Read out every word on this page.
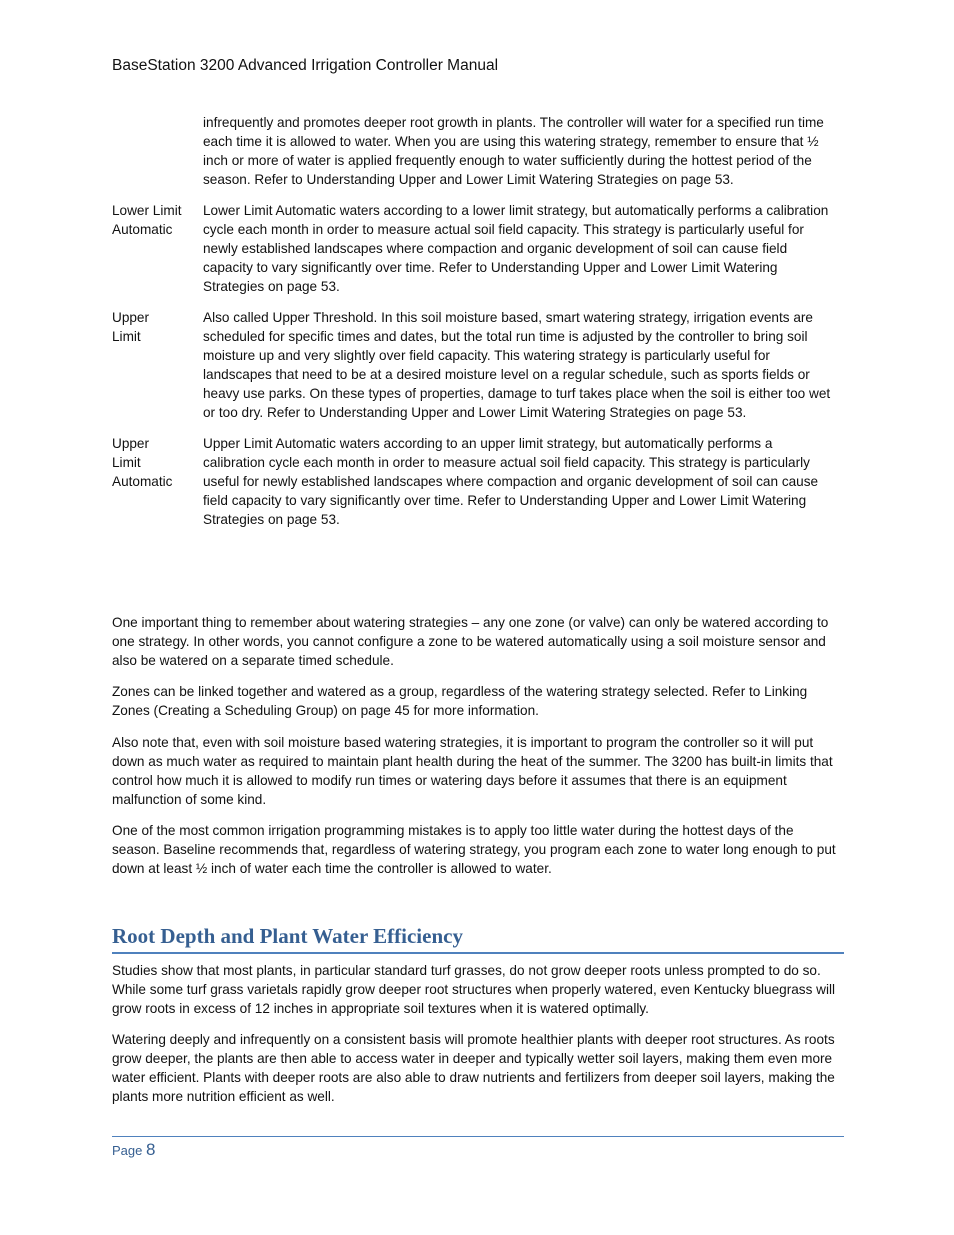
BaseStation 3200 Advanced Irrigation Controller Manual
infrequently and promotes deeper root growth in plants. The controller will water for a specified run time each time it is allowed to water. When you are using this watering strategy, remember to ensure that ½ inch or more of water is applied frequently enough to water sufficiently during the hottest period of the season. Refer to Understanding Upper and Lower Limit Watering Strategies on page 53.
Lower Limit
Automatic
Lower Limit Automatic waters according to a lower limit strategy, but automatically performs a calibration cycle each month in order to measure actual soil field capacity. This strategy is particularly useful for newly established landscapes where compaction and organic development of soil can cause field capacity to vary significantly over time. Refer to Understanding Upper and Lower Limit Watering Strategies on page 53.
Upper
Limit
Also called Upper Threshold. In this soil moisture based, smart watering strategy, irrigation events are scheduled for specific times and dates, but the total run time is adjusted by the controller to bring soil moisture up and very slightly over field capacity. This watering strategy is particularly useful for landscapes that need to be at a desired moisture level on a regular schedule, such as sports fields or heavy use parks. On these types of properties, damage to turf takes place when the soil is either too wet or too dry. Refer to Understanding Upper and Lower Limit Watering Strategies on page 53.
Upper
Limit
Automatic
Upper Limit Automatic waters according to an upper limit strategy, but automatically performs a calibration cycle each month in order to measure actual soil field capacity. This strategy is particularly useful for newly established landscapes where compaction and organic development of soil can cause field capacity to vary significantly over time. Refer to Understanding Upper and Lower Limit Watering Strategies on page 53.

One important thing to remember about watering strategies – any one zone (or valve) can only be watered according to one strategy. In other words, you cannot configure a zone to be watered automatically using a soil moisture sensor and also be watered on a separate timed schedule.

Zones can be linked together and watered as a group, regardless of the watering strategy selected. Refer to Linking Zones (Creating a Scheduling Group) on page 45 for more information.

Also note that, even with soil moisture based watering strategies, it is important to program the controller so it will put down as much water as required to maintain plant health during the heat of the summer. The 3200 has built-in limits that control how much it is allowed to modify run times or watering days before it assumes that there is an equipment malfunction of some kind.

One of the most common irrigation programming mistakes is to apply too little water during the hottest days of the season. Baseline recommends that, regardless of watering strategy, you program each zone to water long enough to put down at least ½ inch of water each time the controller is allowed to water.

Root Depth and Plant Water Efficiency

Studies show that most plants, in particular standard turf grasses, do not grow deeper roots unless prompted to do so. While some turf grass varietals rapidly grow deeper root structures when properly watered, even Kentucky bluegrass will grow roots in excess of 12 inches in appropriate soil textures when it is watered optimally.

Watering deeply and infrequently on a consistent basis will promote healthier plants with deeper root structures. As roots grow deeper, the plants are then able to access water in deeper and typically wetter soil layers, making them even more water efficient. Plants with deeper roots are also able to draw nutrients and fertilizers from deeper soil layers, making the plants more nutrition efficient as well.

Page 8
